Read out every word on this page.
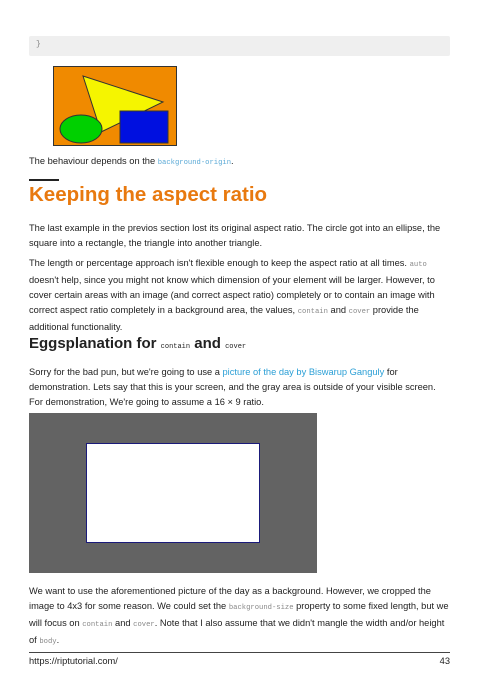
}
The behaviour depends on the background-origin.
Keeping the aspect ratio
The last example in the previos section lost its original aspect ratio. The circle got into an ellipse, the square into a rectangle, the triangle into another triangle.
The length or percentage approach isn't flexible enough to keep the aspect ratio at all times. auto doesn't help, since you might not know which dimension of your element will be larger. However, to cover certain areas with an image (and correct aspect ratio) completely or to contain an image with correct aspect ratio completely in a background area, the values, contain and cover provide the additional functionality.
Eggsplanation for contain and cover
Sorry for the bad pun, but we're going to use a picture of the day by Biswarup Ganguly for demonstration. Lets say that this is your screen, and the gray area is outside of your visible screen. For demonstration, We're going to assume a 16 × 9 ratio.
We want to use the aforementioned picture of the day as a background. However, we cropped the image to 4x3 for some reason. We could set the background-size property to some fixed length, but we will focus on contain and cover. Note that I also assume that we didn't mangle the width and/or height of body.
https://riptutorial.com/	43
